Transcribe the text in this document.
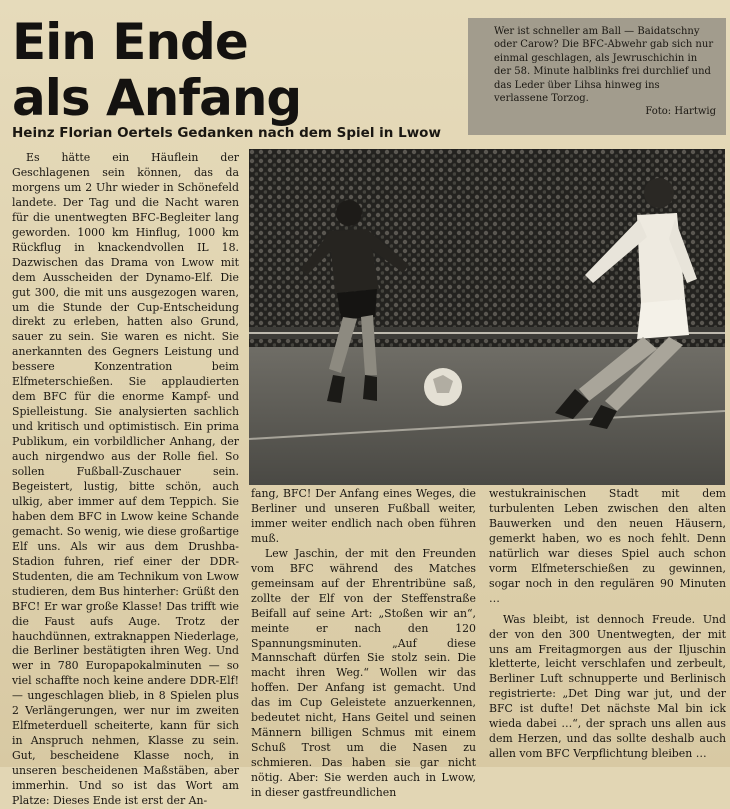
Ein Ende
als Anfang
Heinz Florian Oertels Gedanken nach dem Spiel in Lwow
Wer ist schneller am Ball — Baidatschny oder Carow? Die BFC-Abwehr gab sich nur einmal geschlagen, als Jewruschichin in der 58. Minute halblinks frei durchlief und das Leder über Lihsa hinweg ins verlassene Torzog.
Foto: Hartwig

Es hätte ein Häuflein der Geschlagenen sein können, das da morgens um 2 Uhr wieder in Schönefeld landete. Der Tag und die Nacht waren für die unentwegten BFC-Begleiter lang geworden. 1000 km Hinflug, 1000 km Rückflug in knackendvollen IL 18. Dazwischen das Drama von Lwow mit dem Ausscheiden der Dynamo-Elf. Die gut 300, die mit uns ausgezogen waren, um die Stunde der Cup-Entscheidung direkt zu erleben, hatten also Grund, sauer zu sein. Sie waren es nicht. Sie anerkannten des Gegners Leistung und bessere Konzentration beim Elfmeterschießen. Sie applaudierten dem BFC für die enorme Kampf- und Spielleistung. Sie analysierten sachlich und kritisch und optimistisch. Ein prima Publikum, ein vorbildlicher Anhang, der auch nirgendwo aus der Rolle fiel. So sollen Fußball-Zuschauer sein. Begeistert, lustig, bitte schön, auch ulkig, aber immer auf dem Teppich. Sie haben dem BFC in Lwow keine Schande gemacht. So wenig, wie diese großartige Elf uns. Als wir aus dem Drushba-Stadion fuhren, rief einer der DDR-Studenten, die am Technikum von Lwow studieren, dem Bus hinterher: Grüßt den BFC! Er war große Klasse! Das trifft wie die Faust aufs Auge. Trotz der hauchdünnen, extraknappen Niederlage, die Berliner bestätigten ihren Weg. Und wer in 780 Europapokalminuten — so viel schaffte noch keine andere DDR-Elf! — ungeschlagen blieb, in 8 Spielen plus 2 Verlängerungen, wer nur im zweiten Elfmeterduell scheiterte, kann für sich in Anspruch nehmen, Klasse zu sein. Gut, bescheidene Klasse noch, in unseren bescheidenen Maßstäben, aber immerhin. Und so ist das Wort am Platze: Dieses Ende ist erst der An-

fang, BFC! Der Anfang eines Weges, die Berliner und unseren Fußball weiter, immer weiter endlich nach oben führen muß.

Lew Jaschin, der mit den Freunden vom BFC während des Matches gemeinsam auf der Ehrentribüne saß, zollte der Elf von der Steffenstraße Beifall auf seine Art: „Stoßen wir an“, meinte er nach den 120 Spannungsminuten. „Auf diese Mannschaft dürfen Sie stolz sein. Die macht ihren Weg.“ Wollen wir das hoffen. Der Anfang ist gemacht. Und das im Cup Geleistete anzuerkennen, bedeutet nicht, Hans Geitel und seinen Männern billigen Schmus mit einem Schuß Trost um die Nasen zu schmieren. Das haben sie gar nicht nötig. Aber: Sie werden auch in Lwow, in dieser gastfreundlichen

westukrainischen Stadt mit dem turbulenten Leben zwischen den alten Bauwerken und den neuen Häusern, gemerkt haben, wo es noch fehlt. Denn natürlich war dieses Spiel auch schon vorm Elfmeterschießen zu gewinnen, sogar noch in den regulären 90 Minuten …

Was bleibt, ist dennoch Freude. Und der von den 300 Unentwegten, der mit uns am Freitagmorgen aus der Iljuschin kletterte, leicht verschlafen und zerbeult, Berliner Luft schnupperte und Berlinisch registrierte: „Det Ding war jut, und der BFC ist dufte! Det nächste Mal bin ick wieda dabei …“, der sprach uns allen aus dem Herzen, und das sollte deshalb auch allen vom BFC Verpflichtung bleiben …
